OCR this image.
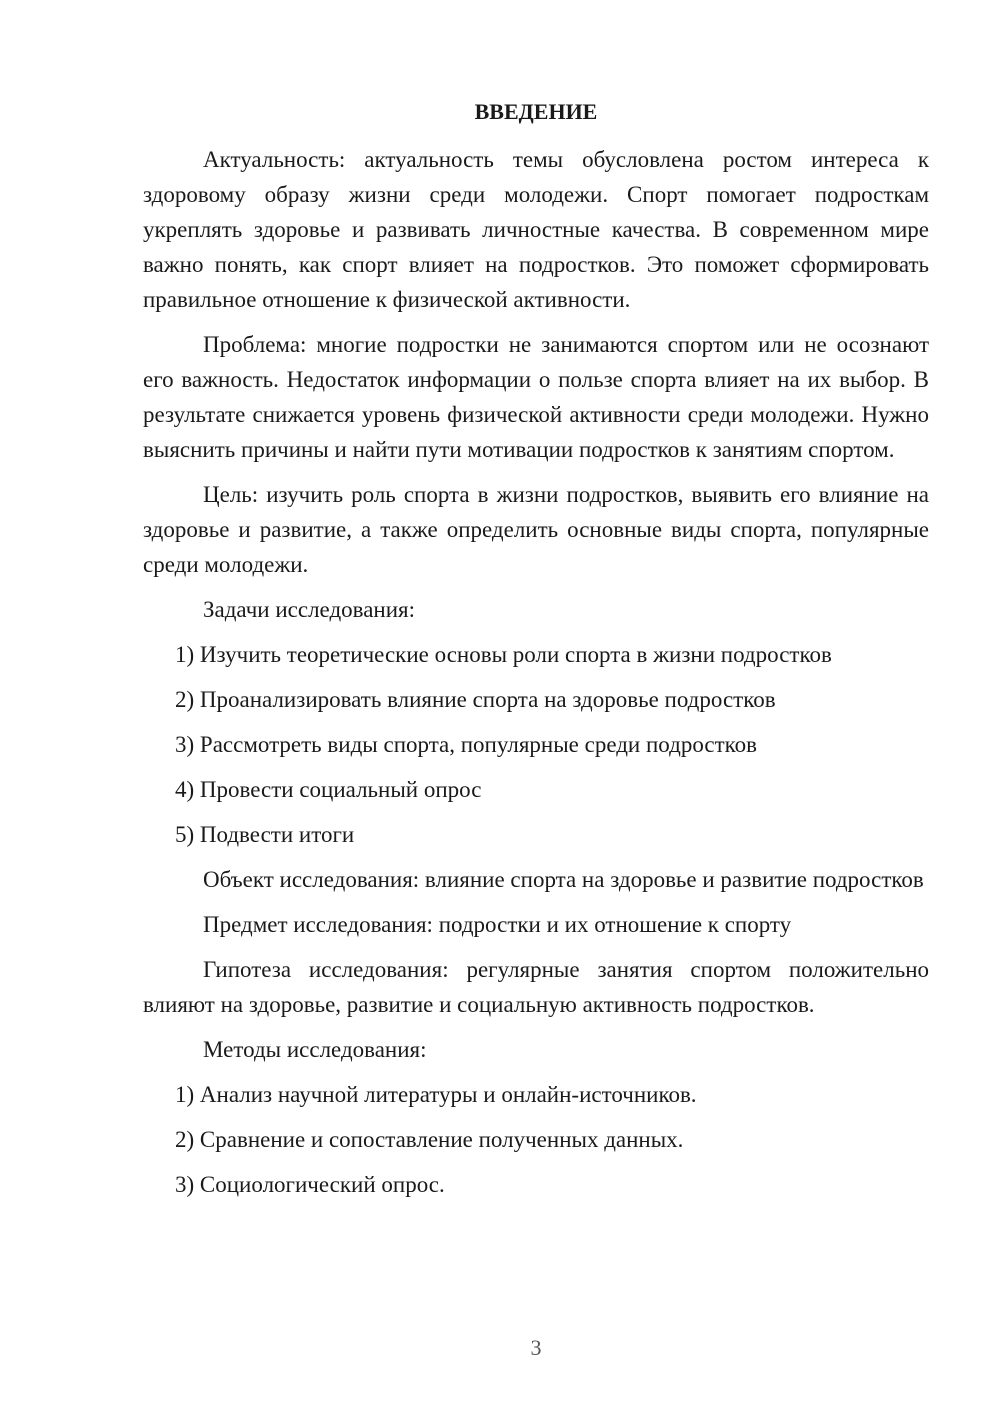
ВВЕДЕНИЕ

Актуальность: актуальность темы обусловлена ростом интереса к здоровому образу жизни среди молодежи. Спорт помогает подросткам укреплять здоровье и развивать личностные качества. В современном мире важно понять, как спорт влияет на подростков. Это поможет сформировать правильное отношение к физической активности.

Проблема: многие подростки не занимаются спортом или не осознают его важность. Недостаток информации о пользе спорта влияет на их выбор. В результате снижается уровень физической активности среди молодежи. Нужно выяснить причины и найти пути мотивации подростков к занятиям спортом.

Цель: изучить роль спорта в жизни подростков, выявить его влияние на здоровье и развитие, а также определить основные виды спорта, популярные среди молодежи.

Задачи исследования:

1) Изучить теоретические основы роли спорта в жизни подростков
2) Проанализировать влияние спорта на здоровье подростков
3) Рассмотреть виды спорта, популярные среди подростков
4) Провести социальный опрос
5) Подвести итоги

Объект исследования: влияние спорта на здоровье и развитие подростков

Предмет исследования: подростки и их отношение к спорту

Гипотеза исследования: регулярные занятия спортом положительно влияют на здоровье, развитие и социальную активность подростков.

Методы исследования:

1) Анализ научной литературы и онлайн-источников.
2) Сравнение и сопоставление полученных данных.
3) Социологический опрос.
3
